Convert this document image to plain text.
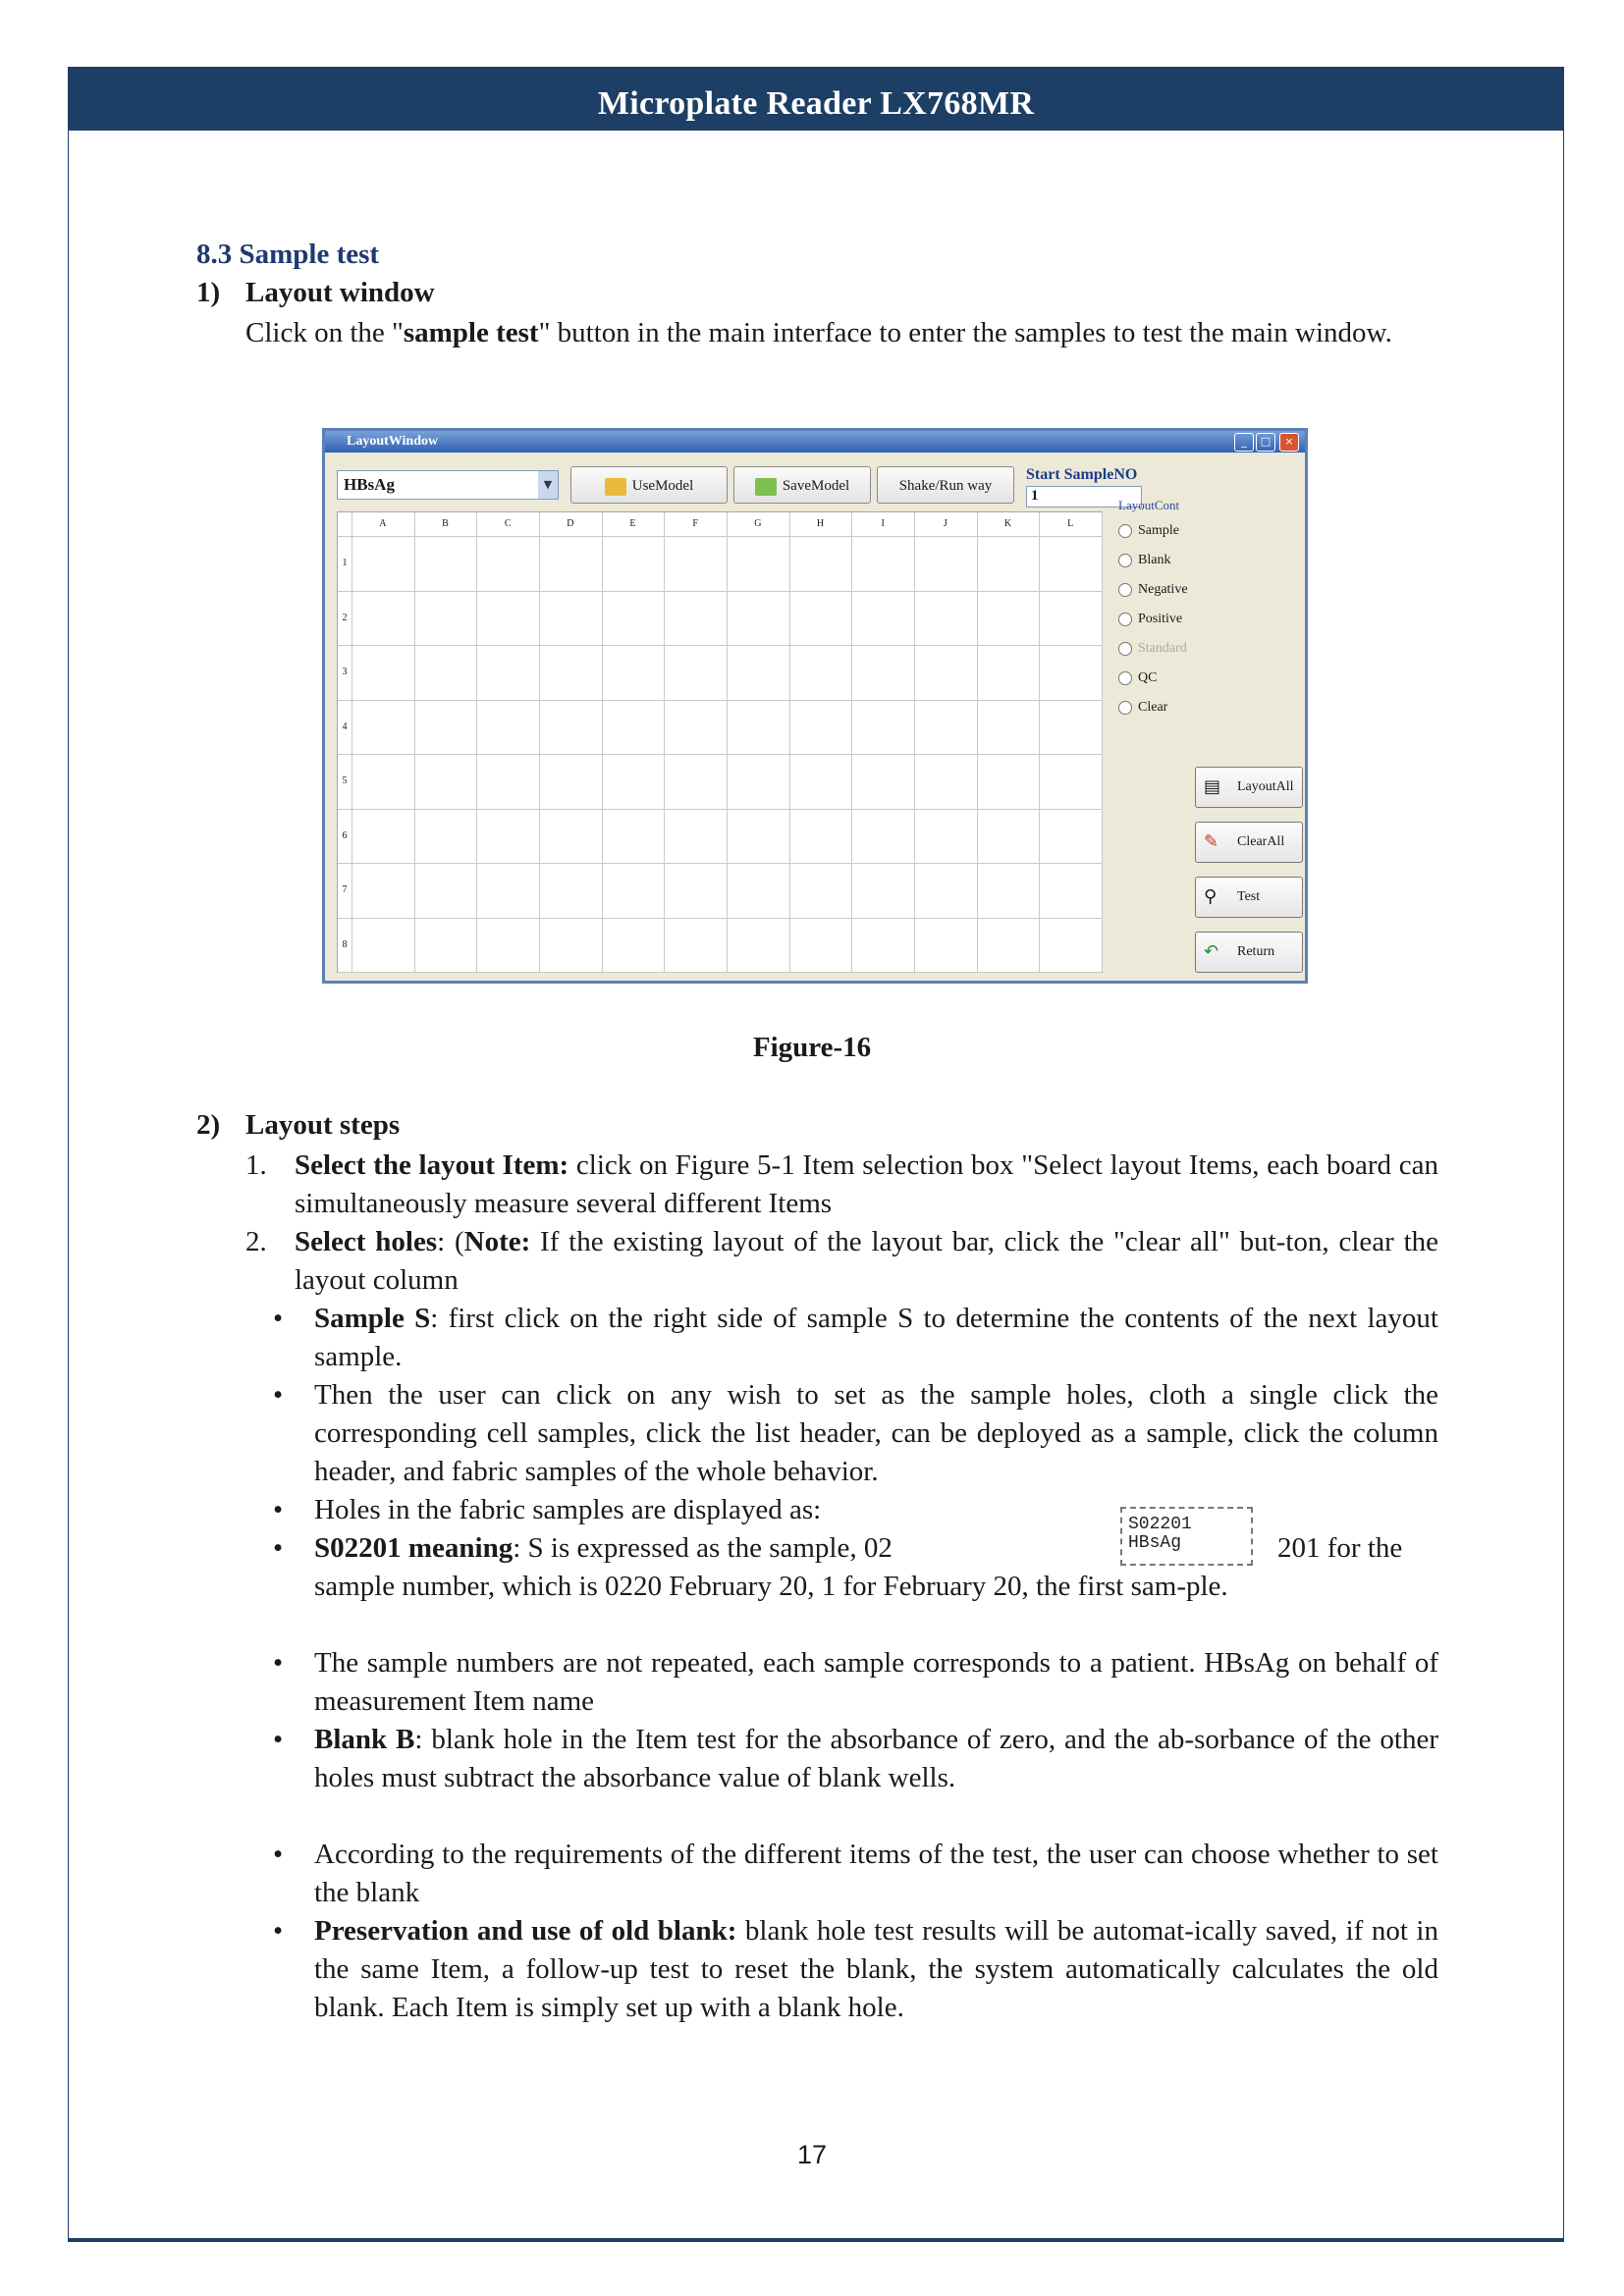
Microplate Reader LX768MR
8.3 Sample test
1) Layout window
Click on the "sample test" button in the main interface to enter the samples to test the main window.
LayoutWindow	_	□	×
HBsAg	▼	UseModel	SaveModel	Shake/Run way
Start SampleNO
1
A	B	C	D	E	F	G	H	I	J	K	L
1
2
3
4
5
6
7
8
LayoutCont
▤ LayoutAll
✎ ClearAll
⚲ Test
↶ Return
Sample
Blank
Negative
Positive
Standard
QC
Clear
Figure-16
2) Layout steps
1. Select the layout Item: click on Figure 5-1 Item selection box "Select layout Items, each board can simultaneously measure several different Items
2. Select holes: (Note: If the existing layout of the layout bar, click the "clear all" but-ton, clear the layout column
• Sample S: first click on the right side of sample S to determine the contents of the next layout sample.
• Then the user can click on any wish to set as the sample holes, cloth a single click the corresponding cell samples, click the list header, can be deployed as a sample, click the column header, and fabric samples of the whole behavior.
• Holes in the fabric samples are displayed as:
• S02201 meaning: S is expressed as the sample, 02	201 for the

sample number, which is 0220 February 20, 1 for February 20, the first sam-ple.
S02201
HBsAg
• The sample numbers are not repeated, each sample corresponds to a patient. HBsAg on behalf of measurement Item name
• Blank B: blank hole in the Item test for the absorbance of zero, and the ab-sorbance of the other holes must subtract the absorbance value of blank wells.
• According to the requirements of the different items of the test, the user can choose whether to set the blank
• Preservation and use of old blank: blank hole test results will be automat-ically saved, if not in the same Item, a follow-up test to reset the blank, the system automatically calculates the old blank. Each Item is simply set up with a blank hole.
17
